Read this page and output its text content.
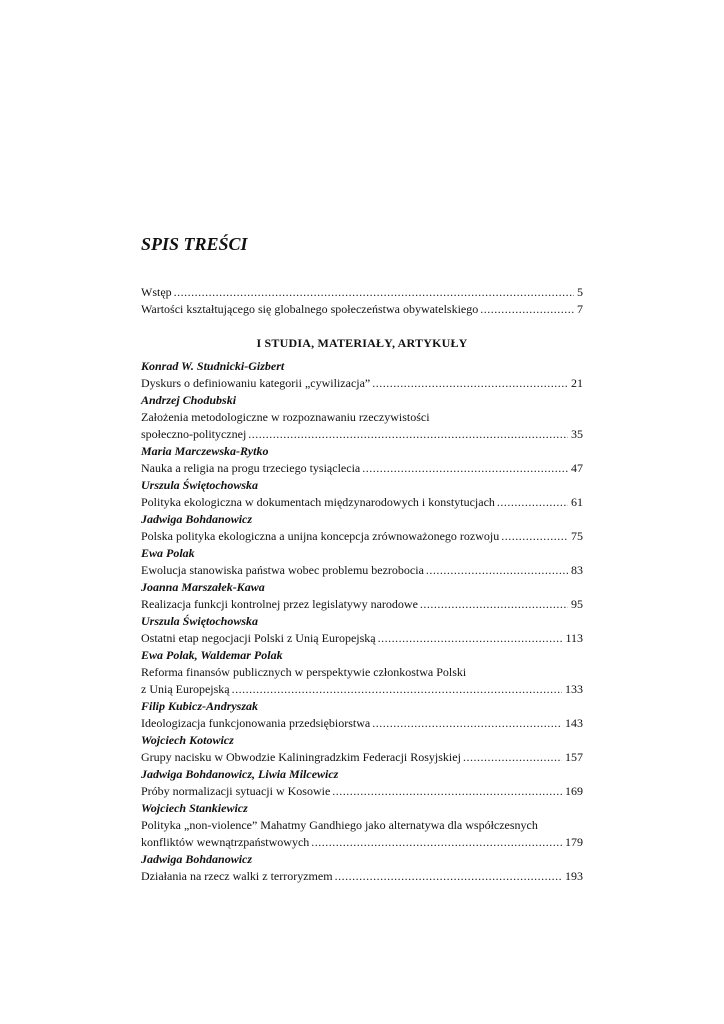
SPIS TREŚCI
Wstęp .....	5
Wartości kształtującego się globalnego społeczeństwa obywatelskiego .....	7
I STUDIA, MATERIAŁY, ARTYKUŁY
Konrad W. Studnicki-Gizbert
Dyskurs o definiowaniu kategorii „cywilizacja” .....	21
Andrzej Chodubski
Założenia metodologiczne w rozpoznawaniu rzeczywistości
społeczno-politycznej .....	35
Maria Marczewska-Rytko
Nauka a religia na progu trzeciego tysiąclecia .....	47
Urszula Świętochowska
Polityka ekologiczna w dokumentach międzynarodowych i konstytucjach .....	61
Jadwiga Bohdanowicz
Polska polityka ekologiczna a unijna koncepcja zrównoważonego rozwoju .....	75
Ewa Polak
Ewolucja stanowiska państwa wobec problemu bezrobocia .....	83
Joanna Marszałek-Kawa
Realizacja funkcji kontrolnej przez legislatywy narodowe .....	95
Urszula Świętochowska
Ostatni etap negocjacji Polski z Unią Europejską .....	113
Ewa Polak, Waldemar Polak
Reforma finansów publicznych w perspektywie członkostwa Polski
z Unią Europejską .....	133
Filip Kubicz-Andryszak
Ideologizacja funkcjonowania przedsiębiorstwa .....	143
Wojciech Kotowicz
Grupy nacisku w Obwodzie Kaliningradzkim Federacji Rosyjskiej .....	157
Jadwiga Bohdanowicz, Liwia Milcewicz
Próby normalizacji sytuacji w Kosowie .....	169
Wojciech Stankiewicz
Polityka „non-violence” Mahatmy Gandhiego jako alternatywa dla współczesnych
konfliktów wewnątrzpaństwowych .....	179
Jadwiga Bohdanowicz
Działania na rzecz walki z terroryzmem .....	193
